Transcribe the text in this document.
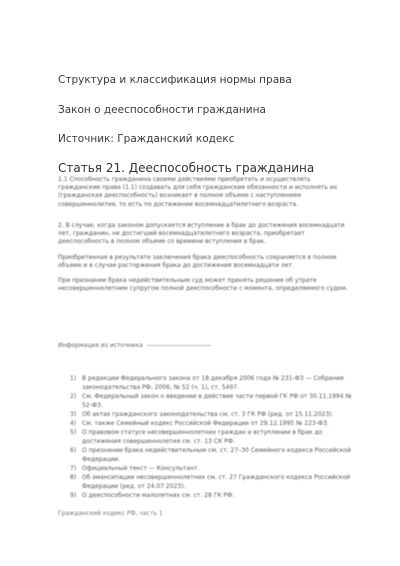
Структура и классификация нормы права
Закон о дееспособности гражданина
Источник: Гражданский кодекс
Статья 21. Дееспособность гражданина
1.1 Способность гражданина своими действиями приобретать и осуществлять гражданские права (1.1) создавать для себя гражданские обязанности и исполнять их (гражданская дееспособность) возникает в полном объеме с наступлением совершеннолетия, то есть по достижении восемнадцатилетнего возраста.
2. В случае, когда законом допускается вступление в брак до достижения восемнадцати лет, гражданин, не достигший восемнадцатилетнего возраста, приобретает дееспособность в полном объеме со времени вступления в брак.
Приобретенная в результате заключения брака дееспособность сохраняется в полном объеме и в случае расторжения брака до достижения восемнадцати лет.
При признании брака недействительным суд может принять решение об утрате несовершеннолетним супругом полной дееспособности с момента, определяемого судом.
Информация из источника
1) В редакции Федерального закона от 18 декабря 2006 года № 231-ФЗ — Собрание законодательства РФ, 2006, № 52 (ч. 1), ст. 5497.
2) См. Федеральный закон о введении в действие части первой ГК РФ от 30.11.1994 № 52-ФЗ.
3) Об актах гражданского законодательства см. ст. 3 ГК РФ (ред. от 15.11.2023).
4) См. также Семейный кодекс Российской Федерации от 29.12.1995 № 223-ФЗ.
5) О правовом статусе несовершеннолетних граждан и вступлении в брак до достижения совершеннолетия см. ст. 13 СК РФ.
6) О признании брака недействительным см. ст. 27–30 Семейного кодекса Российской Федерации.
7) Официальный текст — Консультант.
8) Об эмансипации несовершеннолетних см. ст. 27 Гражданского кодекса Российской Федерации (ред. от 24.07.2023).
9) О дееспособности малолетних см. ст. 28 ГК РФ.
Гражданский кодекс РФ, часть 1
